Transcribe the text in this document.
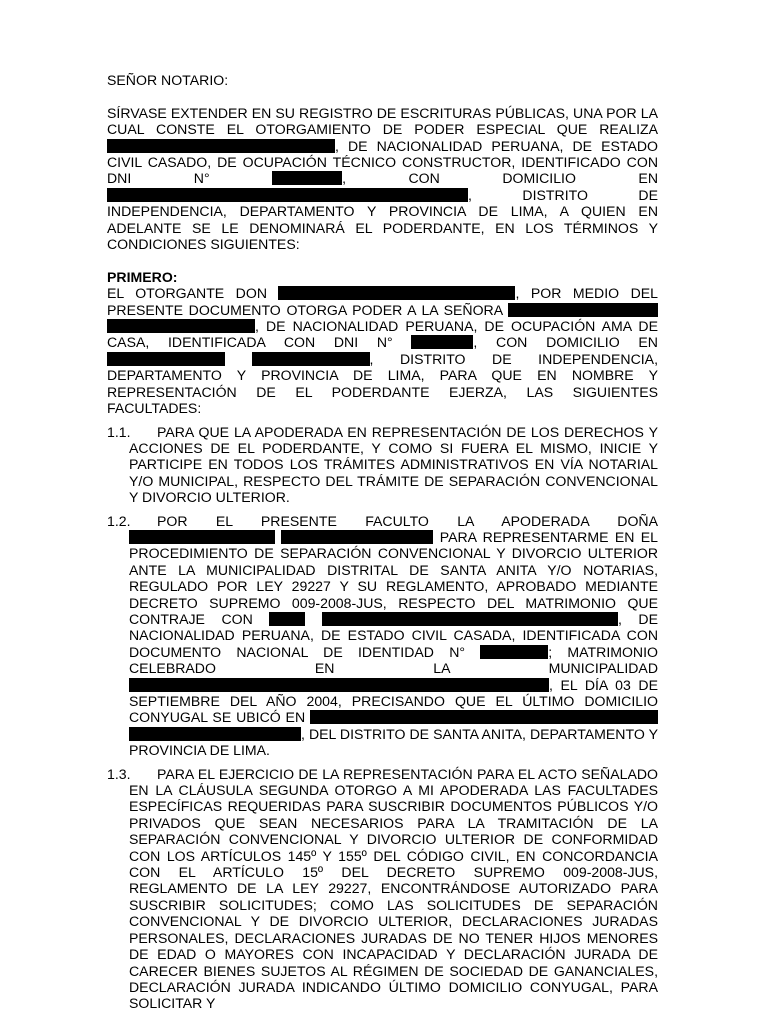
SEÑOR NOTARIO:

SÍRVASE EXTENDER EN SU REGISTRO DE ESCRITURAS PÚBLICAS, UNA POR LA CUAL CONSTE EL OTORGAMIENTO DE PODER ESPECIAL QUE REALIZA , DE NACIONALIDAD PERUANA, DE ESTADO CIVIL CASADO, DE OCUPACIÓN TÉCNICO CONSTRUCTOR, IDENTIFICADO CON DNI N°	, CON DOMICILIO EN , DISTRITO DE INDEPENDENCIA, DEPARTAMENTO Y PROVINCIA DE LIMA, A QUIEN EN ADELANTE SE LE DENOMINARÁ EL PODERDANTE, EN LOS TÉRMINOS Y CONDICIONES SIGUIENTES:

PRIMERO:

EL OTORGANTE DON	, POR MEDIO DEL PRESENTE DOCUMENTO OTORGA PODER A LA SEÑORA  , DE NACIONALIDAD PERUANA, DE OCUPACIÓN AMA DE CASA, IDENTIFICADA CON DNI N°	, CON DOMICILIO EN  , DISTRITO DE INDEPENDENCIA, DEPARTAMENTO Y PROVINCIA DE LIMA, PARA QUE EN NOMBRE Y REPRESENTACIÓN DE EL PODERDANTE EJERZA, LAS SIGUIENTES FACULTADES:

1.1.	PARA QUE LA APODERADA EN REPRESENTACIÓN DE LOS DERECHOS Y ACCIONES DE EL PODERDANTE, Y COMO SI FUERA EL MISMO, INICIE Y PARTICIPE EN TODOS LOS TRÁMITES ADMINISTRATIVOS EN VÍA NOTARIAL Y/O MUNICIPAL, RESPECTO DEL TRÁMITE DE SEPARACIÓN CONVENCIONAL Y DIVORCIO ULTERIOR.

1.2.	POR EL PRESENTE FACULTO LA APODERADA DOÑA   PARA REPRESENTARME EN EL PROCEDIMIENTO DE SEPARACIÓN CONVENCIONAL Y DIVORCIO ULTERIOR ANTE LA MUNICIPALIDAD DISTRITAL DE SANTA ANITA Y/O NOTARIAS, REGULADO POR LEY 29227 Y SU REGLAMENTO, APROBADO MEDIANTE DECRETO SUPREMO 009-2008-JUS, RESPECTO DEL MATRIMONIO QUE CONTRAJE CON	, DE NACIONALIDAD PERUANA, DE ESTADO CIVIL CASADA, IDENTIFICADA CON DOCUMENTO NACIONAL DE IDENTIDAD N°	; MATRIMONIO CELEBRADO EN LA MUNICIPALIDAD , EL DÍA 03 DE SEPTIEMBRE DEL AÑO 2004, PRECISANDO QUE EL ÚLTIMO DOMICILIO CONYUGAL SE UBICÓ EN  , DEL DISTRITO DE SANTA ANITA, DEPARTAMENTO Y PROVINCIA DE LIMA.

1.3.	PARA EL EJERCICIO DE LA REPRESENTACIÓN PARA EL ACTO SEÑALADO EN LA CLÁUSULA SEGUNDA OTORGO A MI APODERADA LAS FACULTADES ESPECÍFICAS REQUERIDAS PARA SUSCRIBIR DOCUMENTOS PÚBLICOS Y/O PRIVADOS QUE SEAN NECESARIOS PARA LA TRAMITACIÓN DE LA SEPARACIÓN CONVENCIONAL Y DIVORCIO ULTERIOR DE CONFORMIDAD CON LOS ARTÍCULOS 145º Y 155º DEL CÓDIGO CIVIL, EN CONCORDANCIA CON EL ARTÍCULO 15º DEL DECRETO SUPREMO 009-2008-JUS, REGLAMENTO DE LA LEY 29227, ENCONTRÁNDOSE AUTORIZADO PARA SUSCRIBIR SOLICITUDES; COMO LAS SOLICITUDES DE SEPARACIÓN CONVENCIONAL Y DE DIVORCIO ULTERIOR, DECLARACIONES JURADAS PERSONALES, DECLARACIONES JURADAS DE NO TENER HIJOS MENORES DE EDAD O MAYORES CON INCAPACIDAD Y DECLARACIÓN JURADA DE CARECER BIENES SUJETOS AL RÉGIMEN DE SOCIEDAD DE GANANCIALES, DECLARACIÓN JURADA INDICANDO ÚLTIMO DOMICILIO CONYUGAL, PARA SOLICITAR Y
